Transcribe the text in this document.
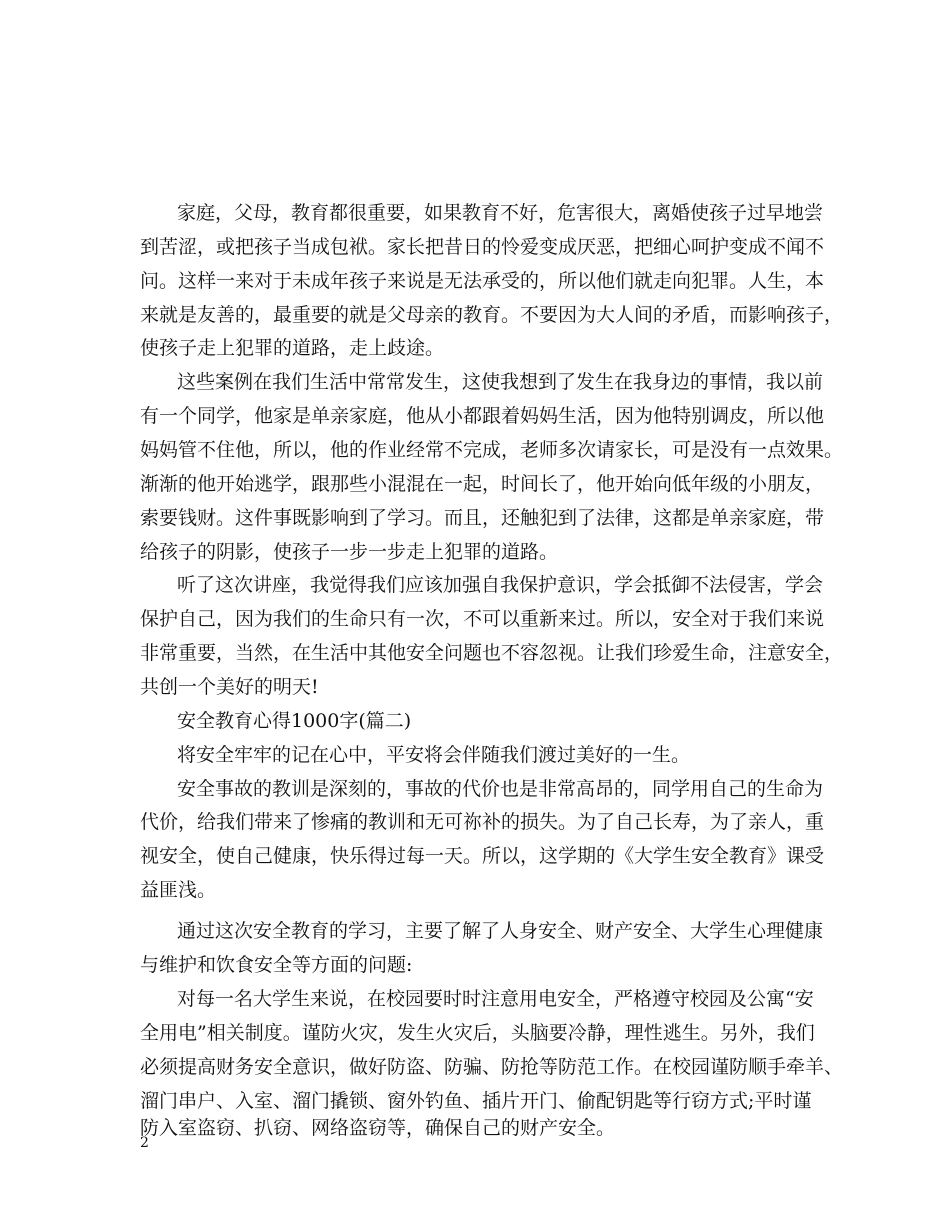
家庭，父母，教育都很重要，如果教育不好，危害很大，离婚使孩子过早地尝
到苦涩，或把孩子当成包袱。家长把昔日的怜爱变成厌恶，把细心呵护变成不闻不
问。这样一来对于未成年孩子来说是无法承受的，所以他们就走向犯罪。人生，本
来就是友善的，最重要的就是父母亲的教育。不要因为大人间的矛盾，而影响孩子，
使孩子走上犯罪的道路，走上歧途。
这些案例在我们生活中常常发生，这使我想到了发生在我身边的事情，我以前
有一个同学，他家是单亲家庭，他从小都跟着妈妈生活，因为他特别调皮，所以他
妈妈管不住他，所以，他的作业经常不完成，老师多次请家长，可是没有一点效果。
渐渐的他开始逃学，跟那些小混混在一起，时间长了，他开始向低年级的小朋友，
索要钱财。这件事既影响到了学习。而且，还触犯到了法律，这都是单亲家庭，带
给孩子的阴影，使孩子一步一步走上犯罪的道路。
听了这次讲座，我觉得我们应该加强自我保护意识，学会抵御不法侵害，学会
保护自己，因为我们的生命只有一次，不可以重新来过。所以，安全对于我们来说
非常重要，当然，在生活中其他安全问题也不容忽视。让我们珍爱生命，注意安全，
共创一个美好的明天!
安全教育心得1000字(篇二)
将安全牢牢的记在心中，平安将会伴随我们渡过美好的一生。
安全事故的教训是深刻的，事故的代价也是非常高昂的，同学用自己的生命为
代价，给我们带来了惨痛的教训和无可祢补的损失。为了自己长寿，为了亲人，重
视安全，使自己健康，快乐得过每一天。所以，这学期的《大学生安全教育》课受
益匪浅。
通过这次安全教育的学习，主要了解了人身安全、财产安全、大学生心理健康
与维护和饮食安全等方面的问题:
对每一名大学生来说，在校园要时时注意用电安全，严格遵守校园及公寓“安
全用电”相关制度。谨防火灾，发生火灾后，头脑要冷静，理性逃生。另外，我们
必须提高财务安全意识，做好防盗、防骗、防抢等防范工作。在校园谨防顺手牵羊、
溜门串户、入室、溜门撬锁、窗外钓鱼、插片开门、偷配钥匙等行窃方式;平时谨
防入室盗窃、扒窃、网络盗窃等，确保自己的财产安全。
2
